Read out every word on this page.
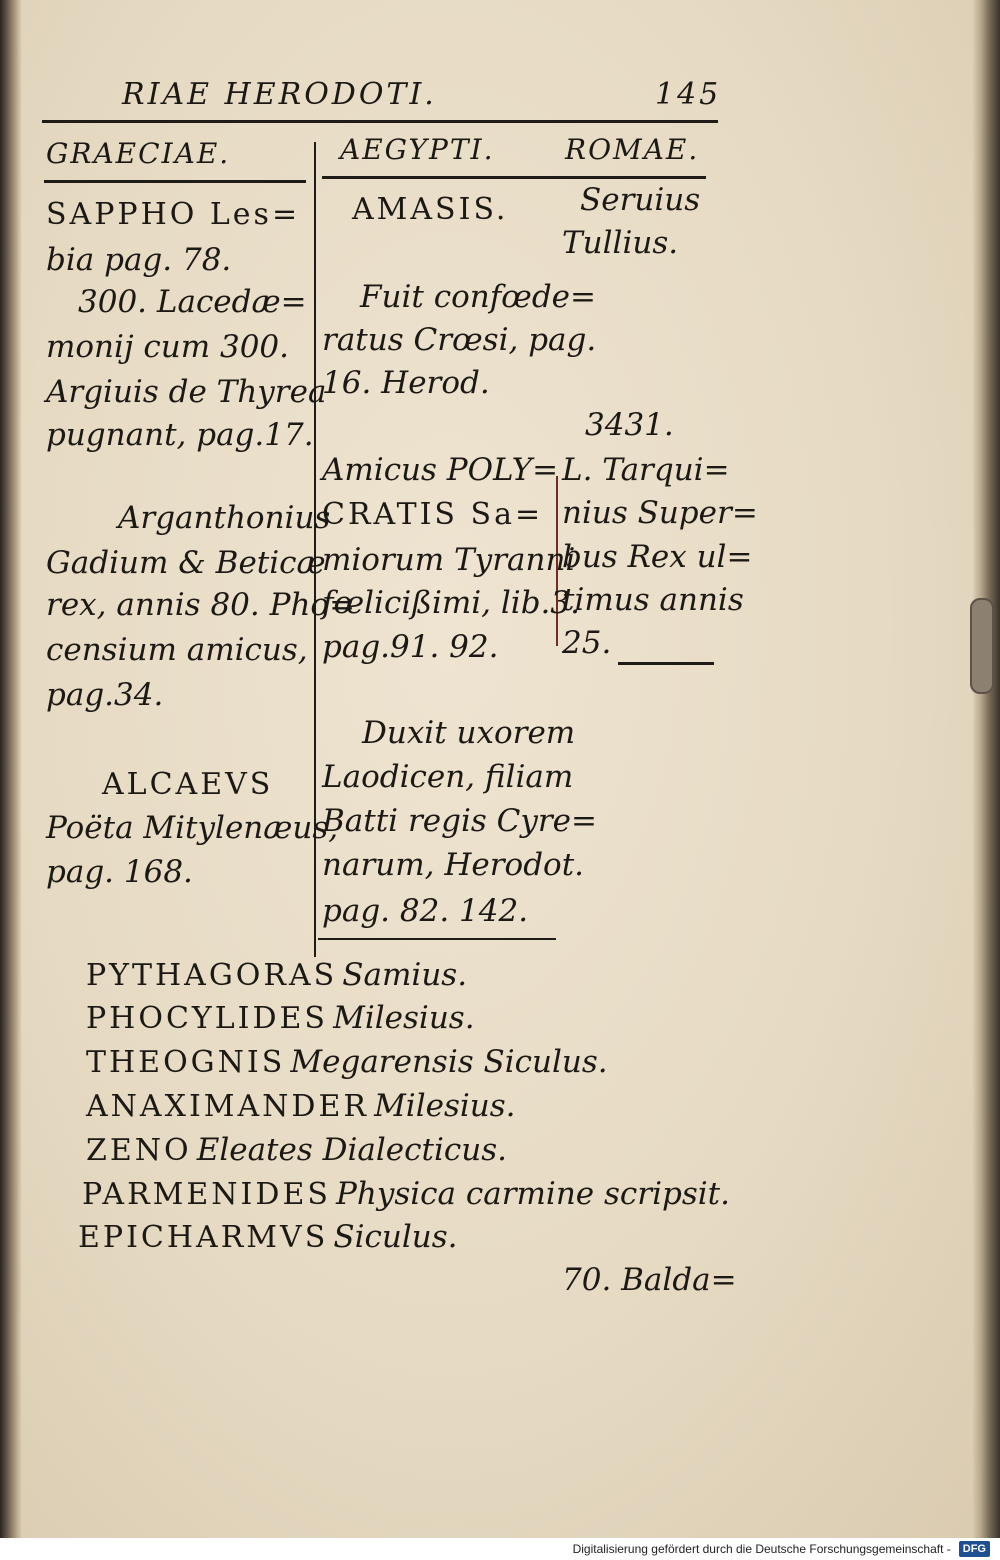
RIAE HERODOTI.	145
GRAECIAE.	AEGYPTI.	ROMAE.
SAPPHO Les=
bia pag. 78.
300. Lacedæ=
monij cum 300.
Argiuis de Thyrea
pugnant, pag.17.
Arganthonius
Gadium & Beticæ
rex, annis 80. Pho=
censium amicus,
pag.34.
ALCAEVS
Poëta Mitylenæus,
pag. 168.
AMASIS.
Fuit confœde=
ratus Crœsi, pag.
16. Herod.
Amicus POLY=
CRATIS Sa=
miorum Tyranni
fœlicißimi, lib.3.
pag.91. 92.
Duxit uxorem
Laodicen, filiam
Batti regis Cyre=
narum, Herodot.
pag. 82. 142.
Seruius
Tullius.
3431.
L. Tarqui=
nius Super=
bus Rex ul=
timus annis
25.
PYTHAGORAS Samius.
PHOCYLIDES Milesius.
THEOGNIS Megarensis Siculus.
ANAXIMANDER Milesius.
ZENO Eleates Dialecticus.
PARMENIDES Physica carmine scripsit.
EPICHARMVS Siculus.
70. Balda=
Digitalisierung gefördert durch die Deutsche Forschungsgemeinschaft -	DFG
